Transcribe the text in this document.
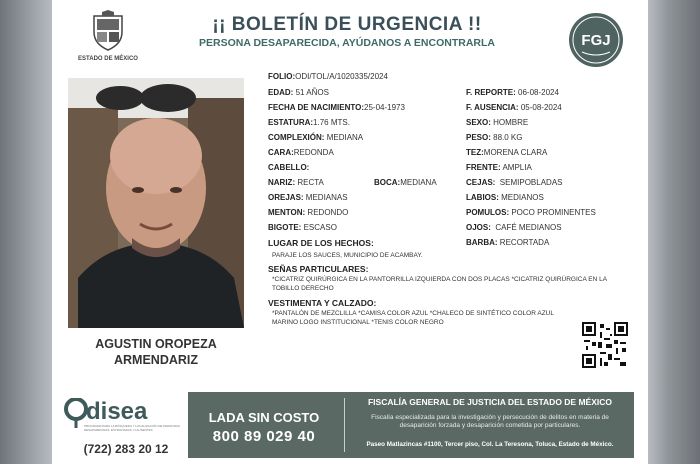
ESTADO DE MÉXICO
¡¡ BOLETÍN DE URGENCIA !!
PERSONA DESAPARECIDA, AYÚDANOS A ENCONTRARLA	FGJ
AGUSTIN OROPEZA
ARMENDARIZ
FOLIO:ODI/TOL/A/1020335/2024
EDAD: 51 AÑOS	F. REPORTE: 06-08-2024
FECHA DE NACIMIENTO:25-04-1973	F. AUSENCIA: 05-08-2024
ESTATURA:1.76 MTS.	SEXO: HOMBRE
COMPLEXIÓN: MEDIANA	PESO: 88.0 KG
CARA:REDONDA	TEZ:MORENA CLARA
CABELLO:	FRENTE: AMPLIA
NARIZ: RECTA	BOCA:MEDIANA	CEJAS: SEMIPOBLADAS
OREJAS: MEDIANAS	LABIOS: MEDIANOS
MENTON: REDONDO	POMULOS: POCO PROMINENTES
BIGOTE: ESCASO	OJOS: CAFÉ MEDIANOS
LUGAR DE LOS HECHOS:	BARBA: RECORTADA
PARAJE LOS SAUCES, MUNICIPIO DE ACAMBAY.
SEÑAS PARTICULARES:
*CICATRIZ QUIRÚRGICA EN LA PANTORRILLA IZQUIERDA CON DOS PLACAS *CICATRIZ QUIRÚRGICA EN LA TOBILLO DERECHO
VESTIMENTA Y CALZADO:
*PANTALÓN DE MEZCLILLA *CAMISA COLOR AZUL *CHALECO DE SINTÉTICO COLOR AZUL MARINO LOGO INSTITUCIONAL *TENIS COLOR NEGRO
disea
PROGRAMA PARA LA BÚSQUEDA Y LOCALIZACIÓN DE PERSONAS DESAPARECIDAS, EXTRAVIADAS, O AUSENTES
(722) 283 20 12
LADA SIN COSTO
800 89 029 40
FISCALÍA GENERAL DE JUSTICIA DEL ESTADO DE MÉXICO
Fiscalía especializada para la investigación y persecución de delitos en materia de desaparición forzada y desaparición cometida por particulares.
Paseo Matlazincas #1100, Tercer piso, Col. La Teresona, Toluca, Estado de México.
